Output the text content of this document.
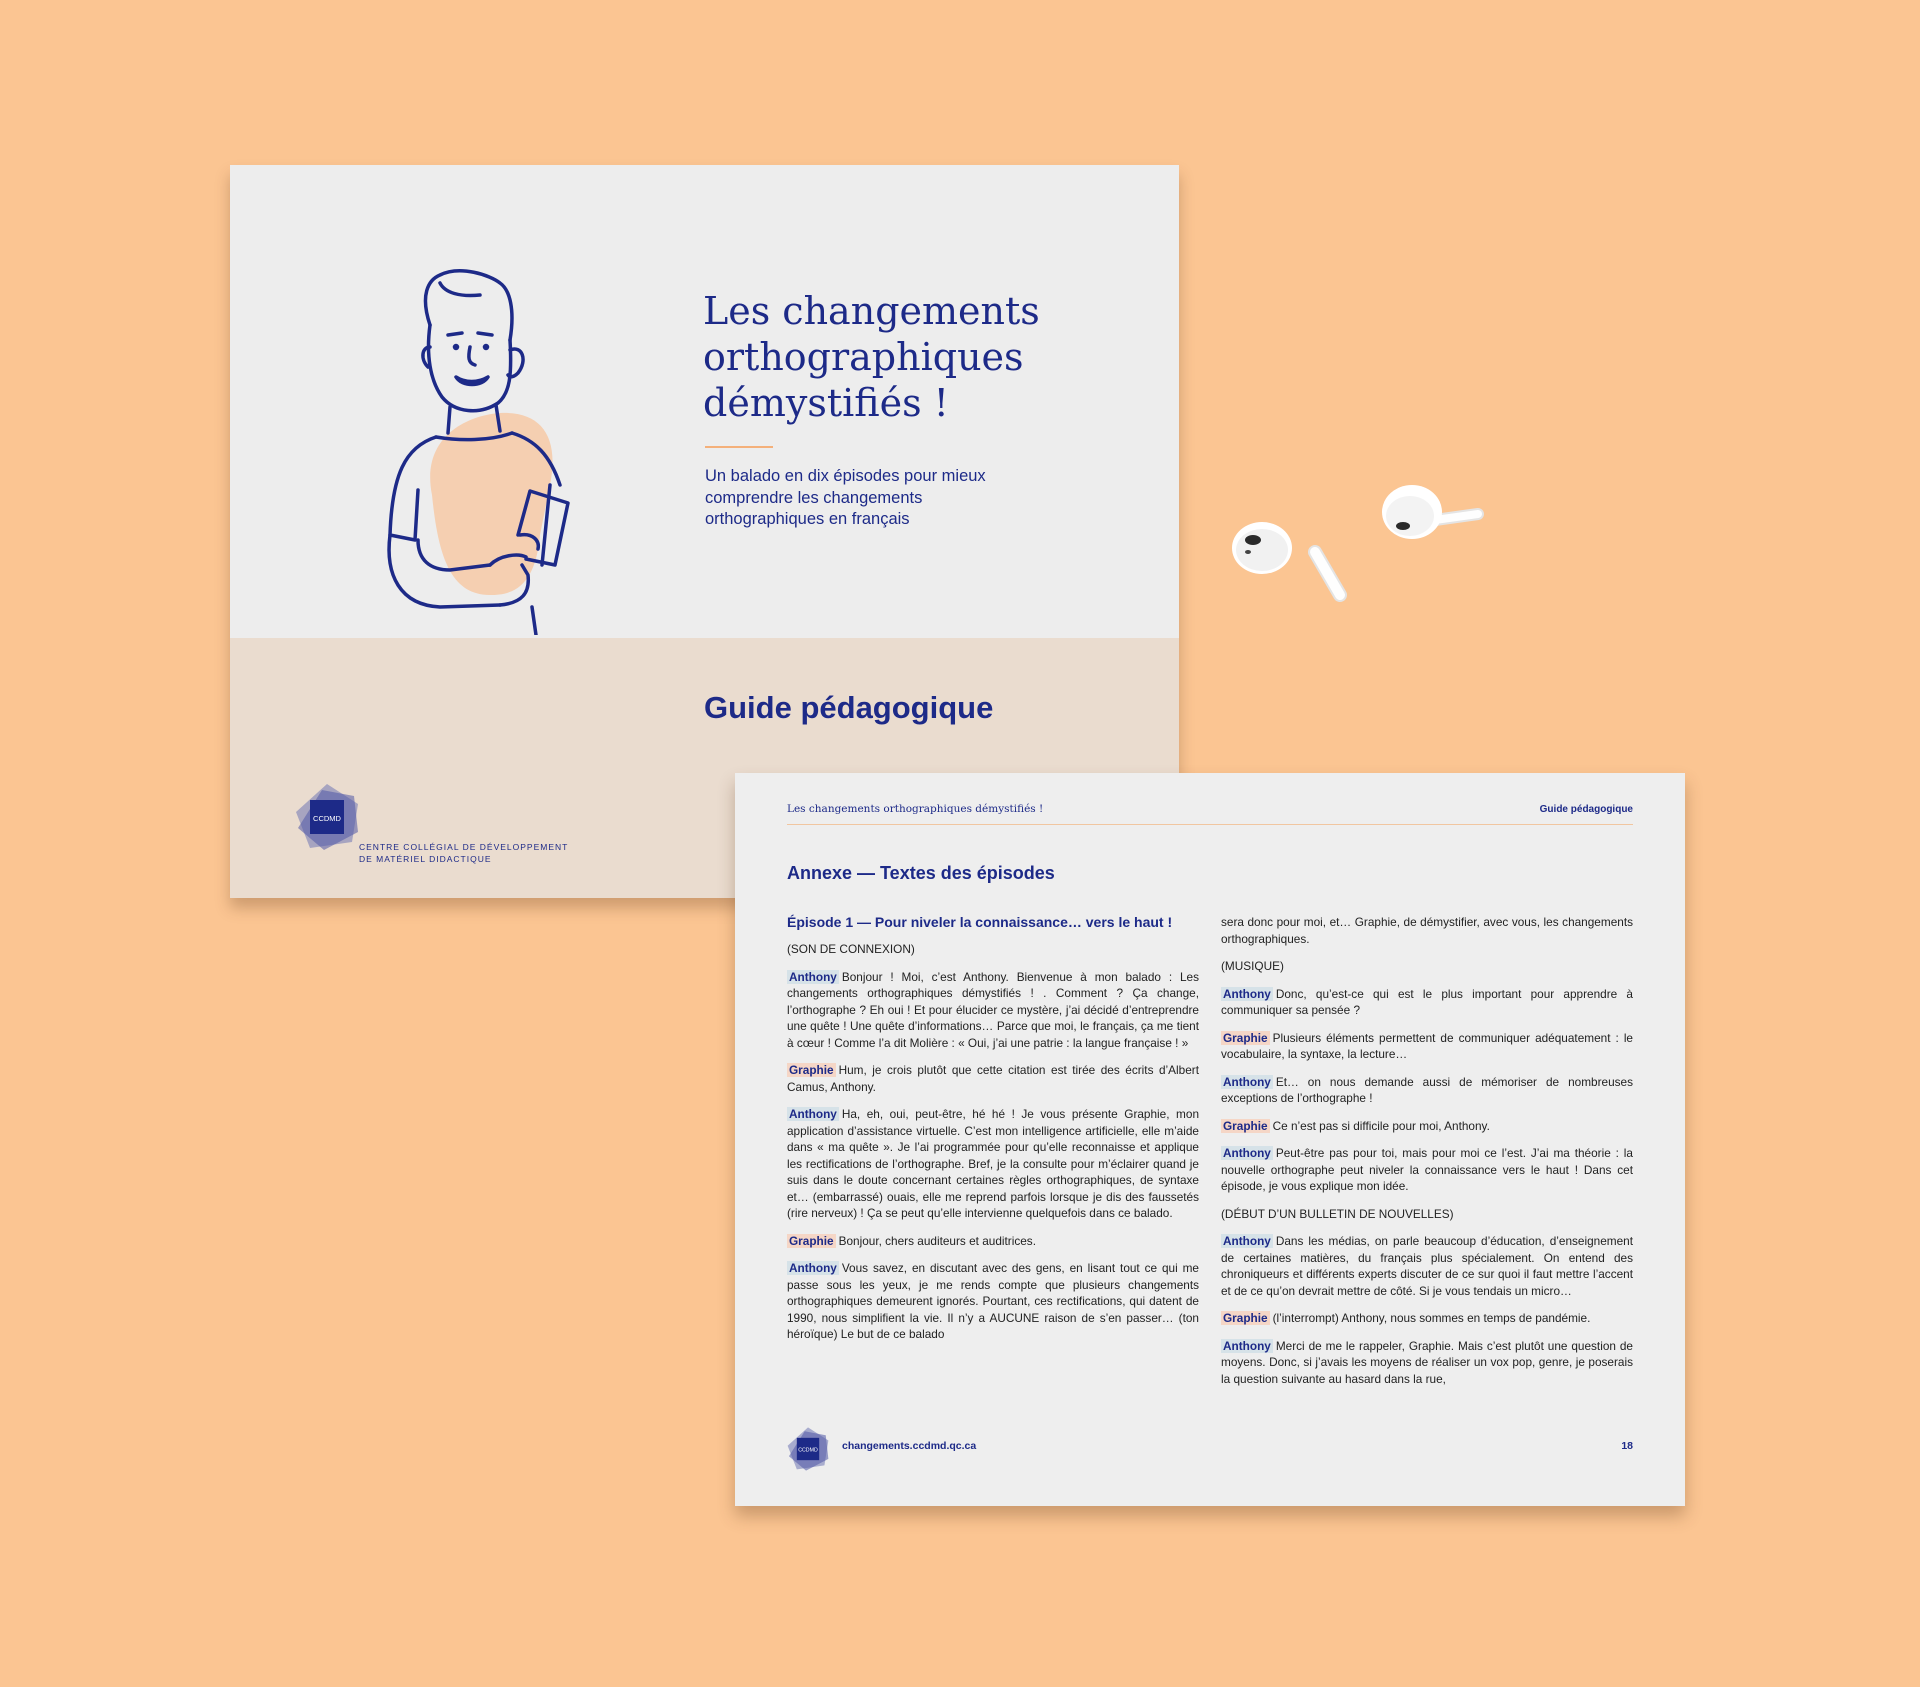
Les changements orthographiques démystifiés !
Un balado en dix épisodes pour mieux comprendre les changements orthographiques en français
Guide pédagogique
CCDMD
CENTRE COLLÉGIAL DE DÉVELOPPEMENT DE MATÉRIEL DIDACTIQUE
Les changements orthographiques démystifiés !	Guide pédagogique
Annexe — Textes des épisodes
Épisode 1 — Pour niveler la connaissance… vers le haut !

(SON DE CONNEXION)

Anthony Bonjour ! Moi, c’est Anthony. Bienvenue à mon balado : Les changements orthographiques démystifiés ! . Comment ? Ça change, l’orthographe ? Eh oui ! Et pour élucider ce mystère, j’ai décidé d’entreprendre une quête ! Une quête d’informations… Parce que moi, le français, ça me tient à cœur ! Comme l’a dit Molière : « Oui, j’ai une patrie : la langue française ! »

Graphie Hum, je crois plutôt que cette citation est tirée des écrits d’Albert Camus, Anthony.

Anthony Ha, eh, oui, peut-être, hé hé ! Je vous présente Graphie, mon application d’assistance virtuelle. C’est mon intelligence artificielle, elle m’aide dans « ma quête ». Je l’ai programmée pour qu’elle reconnaisse et applique les rectifications de l’orthographe. Bref, je la consulte pour m’éclairer quand je suis dans le doute concernant certaines règles orthographiques, de syntaxe et… (embarrassé) ouais, elle me reprend parfois lorsque je dis des faussetés (rire nerveux) ! Ça se peut qu’elle intervienne quelquefois dans ce balado.

Graphie Bonjour, chers auditeurs et auditrices.

Anthony Vous savez, en discutant avec des gens, en lisant tout ce qui me passe sous les yeux, je me rends compte que plusieurs changements orthographiques demeurent ignorés. Pourtant, ces rectifications, qui datent de 1990, nous simplifient la vie. Il n’y a AUCUNE raison de s’en passer… (ton héroïque) Le but de ce balado

sera donc pour moi, et… Graphie, de démystifier, avec vous, les changements orthographiques.

(MUSIQUE)

Anthony Donc, qu’est-ce qui est le plus important pour apprendre à communiquer sa pensée ?

Graphie Plusieurs éléments permettent de communiquer adéquatement : le vocabulaire, la syntaxe, la lecture…

Anthony Et… on nous demande aussi de mémoriser de nombreuses exceptions de l’orthographe !

Graphie Ce n’est pas si difficile pour moi, Anthony.

Anthony Peut-être pas pour toi, mais pour moi ce l’est. J’ai ma théorie : la nouvelle orthographe peut niveler la connaissance vers le haut ! Dans cet épisode, je vous explique mon idée.

(DÉBUT D’UN BULLETIN DE NOUVELLES)

Anthony Dans les médias, on parle beaucoup d’éducation, d’enseignement de certaines matières, du français plus spécialement. On entend des chroniqueurs et différents experts discuter de ce sur quoi il faut mettre l’accent et de ce qu’on devrait mettre de côté. Si je vous tendais un micro…

Graphie (l’interrompt) Anthony, nous sommes en temps de pandémie.

Anthony Merci de me le rappeler, Graphie. Mais c’est plutôt une question de moyens. Donc, si j’avais les moyens de réaliser un vox pop, genre, je poserais la question suivante au hasard dans la rue,

CCDMD changements.ccdmd.qc.ca	18
